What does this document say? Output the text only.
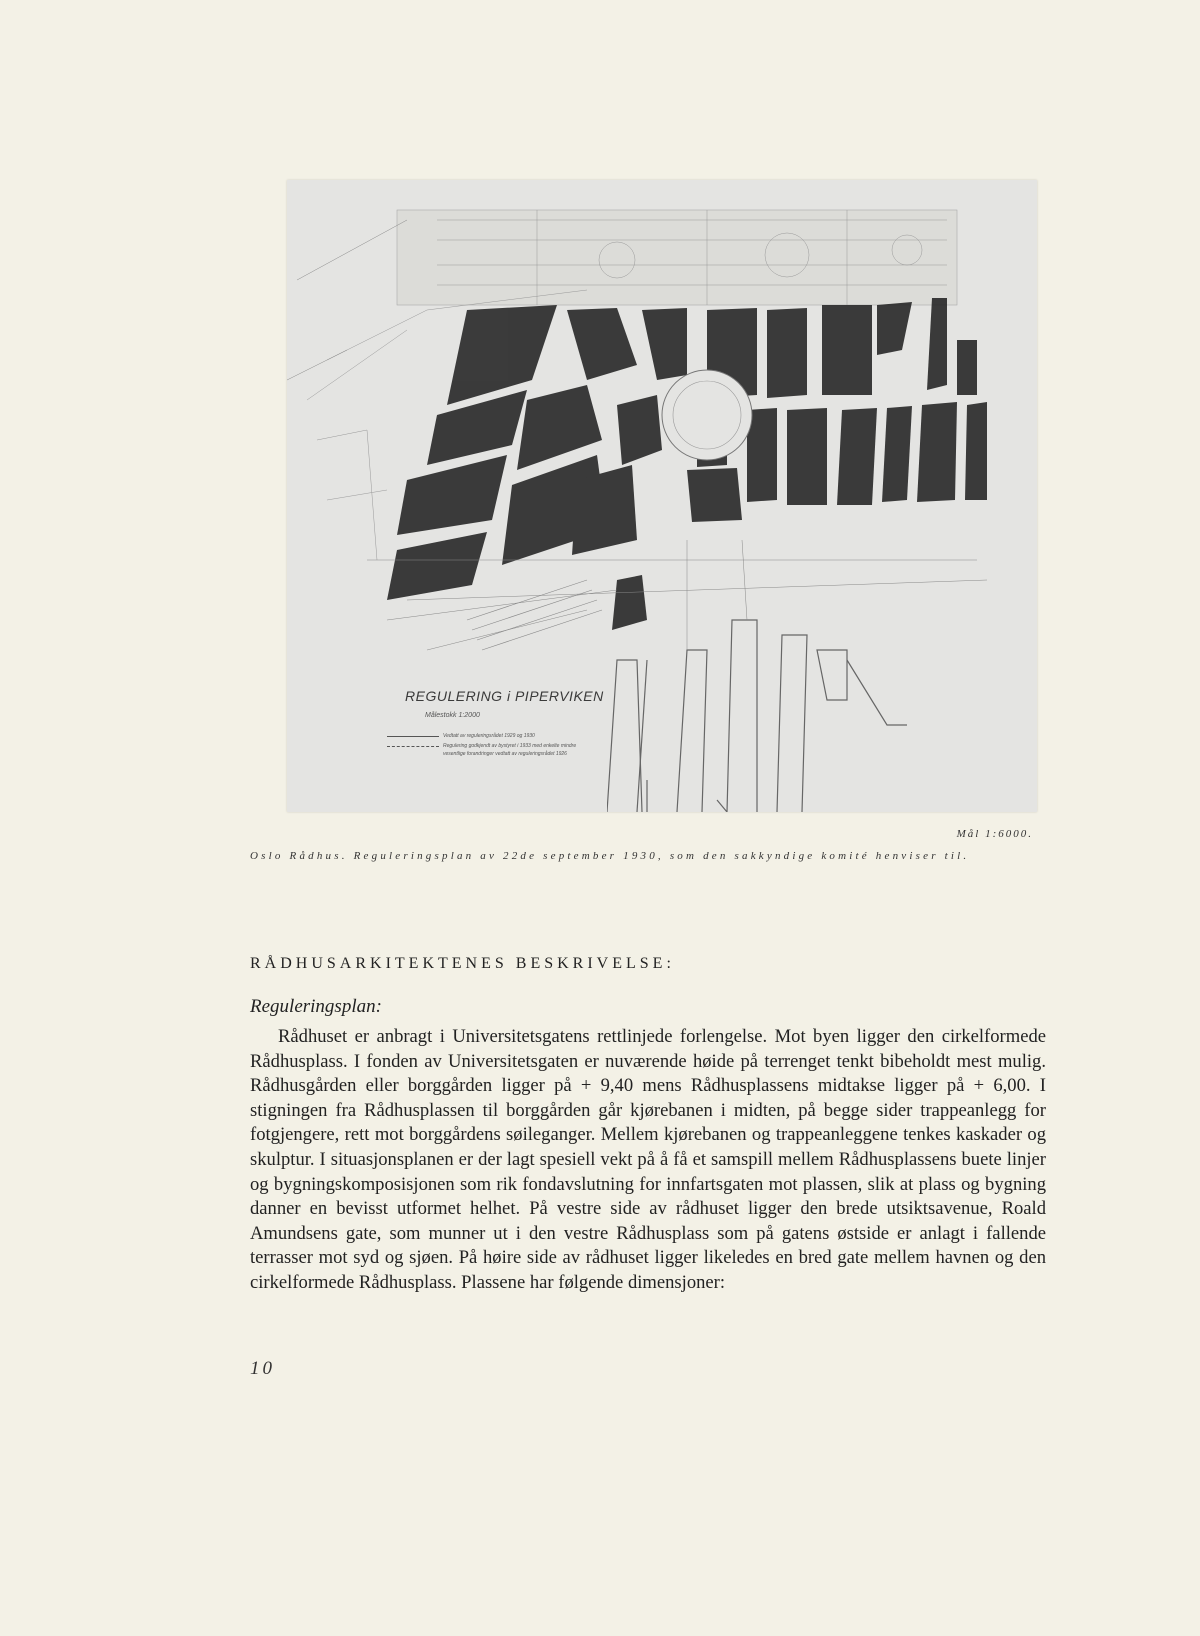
REGULERING i PIPERVIKEN
Målestokk 1:2000
Vedtatt av reguleringsrådet 1929 og 1930
Regulering godkjendt av bystyret i 1933 med enkelte mindre vesentlige forandringer vedtatt av reguleringsrådet 1926
Mål 1:6000.
Oslo Rådhus. Reguleringsplan av 22de september 1930, som den sakkyndige komité henviser til.
RÅDHUSARKITEKTENES BESKRIVELSE:
Reguleringsplan:

Rådhuset er anbragt i Universitetsgatens rettlinjede forlengelse. Mot byen ligger den cirkelformede Rådhusplass. I fonden av Universitetsgaten er nuværende høide på terrenget tenkt bibeholdt mest mulig. Rådhusgården eller borggården ligger på + 9,40 mens Rådhusplassens midtakse ligger på + 6,00. I stigningen fra Rådhusplassen til borggården går kjørebanen i midten, på begge sider trappeanlegg for fotgjengere, rett mot borggårdens søileganger. Mellem kjørebanen og trappeanleggene tenkes kaskader og skulptur. I situasjonsplanen er der lagt spesiell vekt på å få et samspill mellem Rådhusplassens buete linjer og bygningskomposisjonen som rik fondavslutning for innfartsgaten mot plassen, slik at plass og bygning danner en bevisst utformet helhet. På vestre side av rådhuset ligger den brede utsiktsavenue, Roald Amundsens gate, som munner ut i den vestre Rådhusplass som på gatens østside er anlagt i fallende terrasser mot syd og sjøen. På høire side av rådhuset ligger likeledes en bred gate mellem havnen og den cirkelformede Rådhusplass. Plassene har følgende dimensjoner:

10
